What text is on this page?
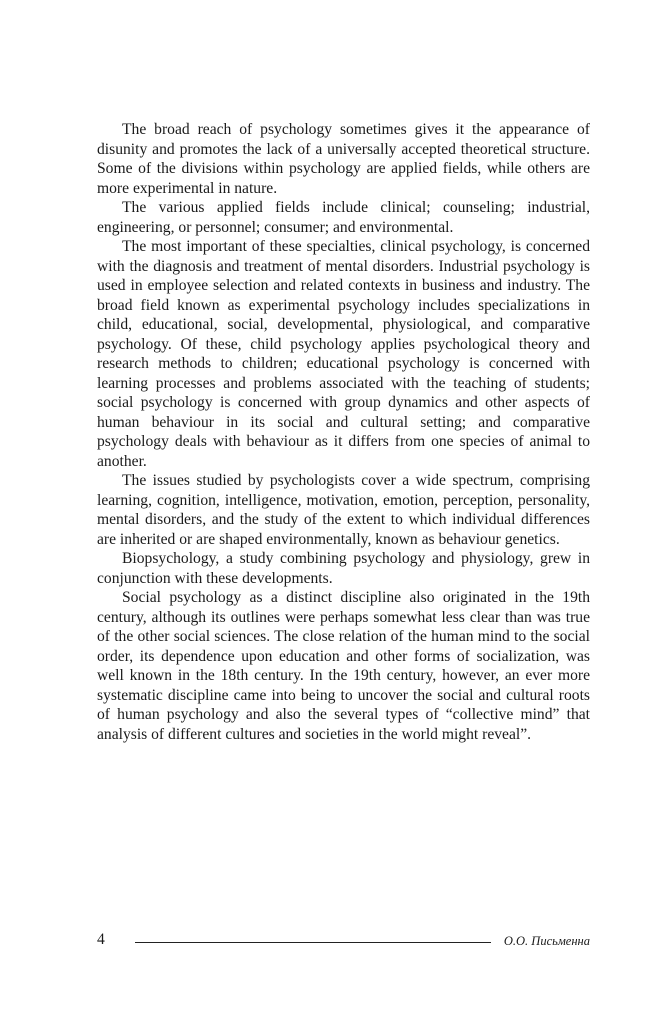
The broad reach of psychology sometimes gives it the appearance of disunity and promotes the lack of a universally accepted theoretical structure. Some of the divisions within psychology are applied fields, while others are more experimental in nature.

The various applied fields include clinical; counseling; industrial, engineering, or personnel; consumer; and environmental.

The most important of these specialties, clinical psychology, is concerned with the diagnosis and treatment of mental disorders. Industrial psychology is used in employee selection and related contexts in business and industry. The broad field known as experimental psychology includes specializations in child, educational, social, developmental, physiological, and comparative psychology. Of these, child psychology applies psychological theory and research methods to children; educational psychology is concerned with learning processes and problems associated with the teaching of students; social psychology is concerned with group dynamics and other aspects of human behaviour in its social and cultural setting; and comparative psychology deals with behaviour as it differs from one species of animal to another.

The issues studied by psychologists cover a wide spectrum, comprising learning, cognition, intelligence, motivation, emotion, perception, personality, mental disorders, and the study of the extent to which individual differences are inherited or are shaped environmentally, known as behaviour genetics.

Biopsychology, a study combining psychology and physiology, grew in conjunction with these developments.

Social psychology as a distinct discipline also originated in the 19th century, although its outlines were perhaps somewhat less clear than was true of the other social sciences. The close relation of the human mind to the social order, its dependence upon education and other forms of socialization, was well known in the 18th century. In the 19th century, however, an ever more systematic discipline came into being to uncover the social and cultural roots of human psychology and also the several types of “collective mind” that analysis of different cultures and societies in the world might reveal”.

4	О.О. Письменна
